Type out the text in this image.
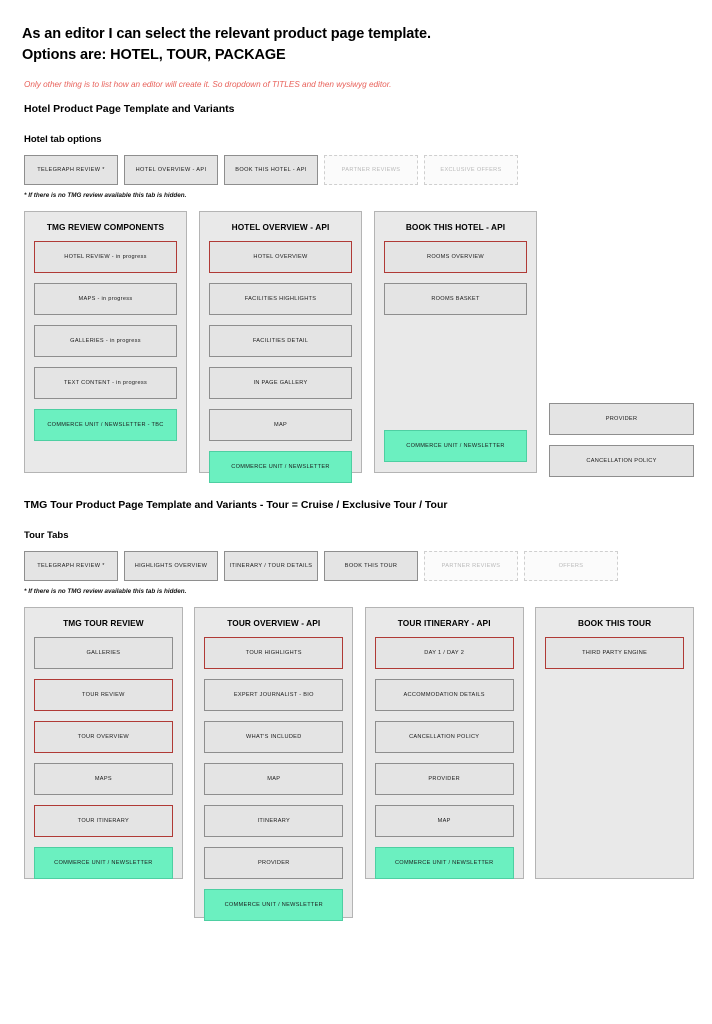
As an editor I can select the relevant product page template.
Options are: HOTEL, TOUR, PACKAGE
Only other thing is to list how an editor will create it. So dropdown of TITLES and then wysiwyg editor.
Hotel Product Page Template and Variants
Hotel tab options
TELEGRAPH REVIEW *	HOTEL OVERVIEW - API	BOOK THIS HOTEL - API	PARTNER REVIEWS	EXCLUSIVE OFFERS
* If there is no TMG review available this tab is hidden.
TMG REVIEW COMPONENTS
HOTEL REVIEW - in progress
MAPS - in progress
GALLERIES - in progress
TEXT CONTENT - in progress
COMMERCE UNIT / NEWSLETTER - TBC
HOTEL OVERVIEW - API
HOTEL OVERVIEW
FACILITIES HIGHLIGHTS
FACILITIES DETAIL
IN PAGE GALLERY
MAP
COMMERCE UNIT / NEWSLETTER
BOOK THIS HOTEL - API
ROOMS OVERVIEW
ROOMS BASKET
COMMERCE UNIT / NEWSLETTER
PROVIDER
CANCELLATION POLICY
TMG Tour Product Page Template and Variants - Tour = Cruise / Exclusive Tour / Tour
Tour Tabs
TELEGRAPH REVIEW *	HIGHLIGHTS OVERVIEW	ITINERARY / TOUR DETAILS	BOOK THIS TOUR	PARTNER REVIEWS	OFFERS
* If there is no TMG review available this tab is hidden.
TMG TOUR REVIEW
GALLERIES
TOUR REVIEW
TOUR OVERVIEW
MAPS
TOUR ITINERARY
COMMERCE UNIT / NEWSLETTER
TOUR OVERVIEW - API
TOUR HIGHLIGHTS
EXPERT JOURNALIST - BIO
WHAT'S INCLUDED
MAP
ITINERARY
PROVIDER
COMMERCE UNIT / NEWSLETTER
TOUR ITINERARY - API
DAY 1 / DAY 2
ACCOMMODATION DETAILS
CANCELLATION POLICY
PROVIDER
MAP
COMMERCE UNIT / NEWSLETTER
BOOK THIS TOUR
THIRD PARTY ENGINE
